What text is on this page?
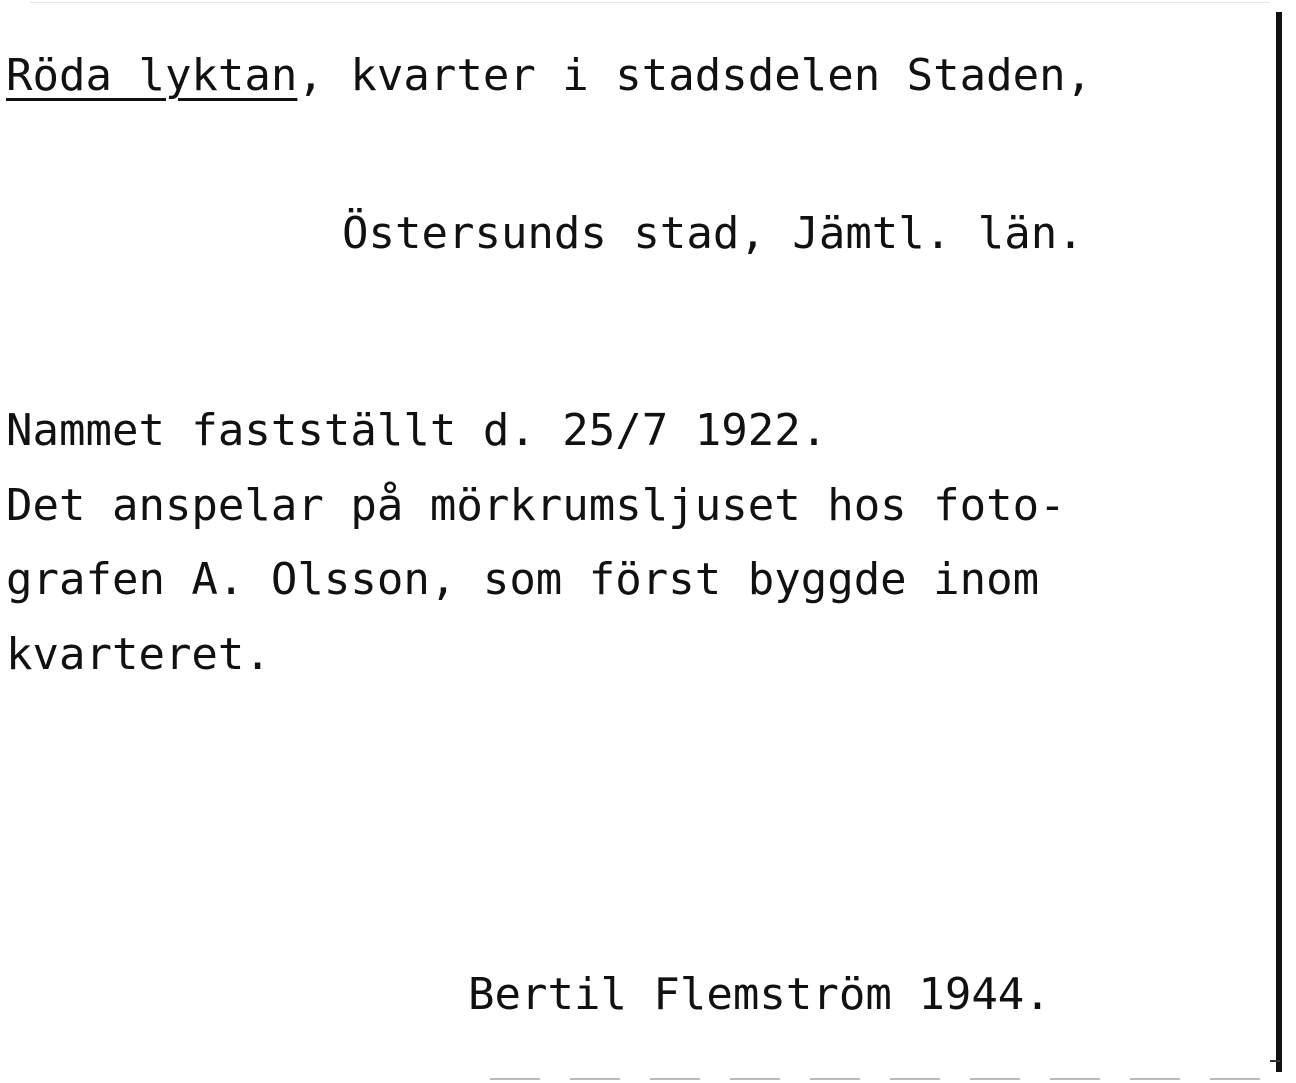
Röda lyktan, kvarter i stadsdelen Staden,
Östersunds stad, Jämtl. län.
Nammet fastställt d. 25/7 1922.
Det anspelar på mörkrumsljuset hos foto-
grafen A. Olsson, som först byggde inom
kvarteret.
Bertil Flemström 1944.
